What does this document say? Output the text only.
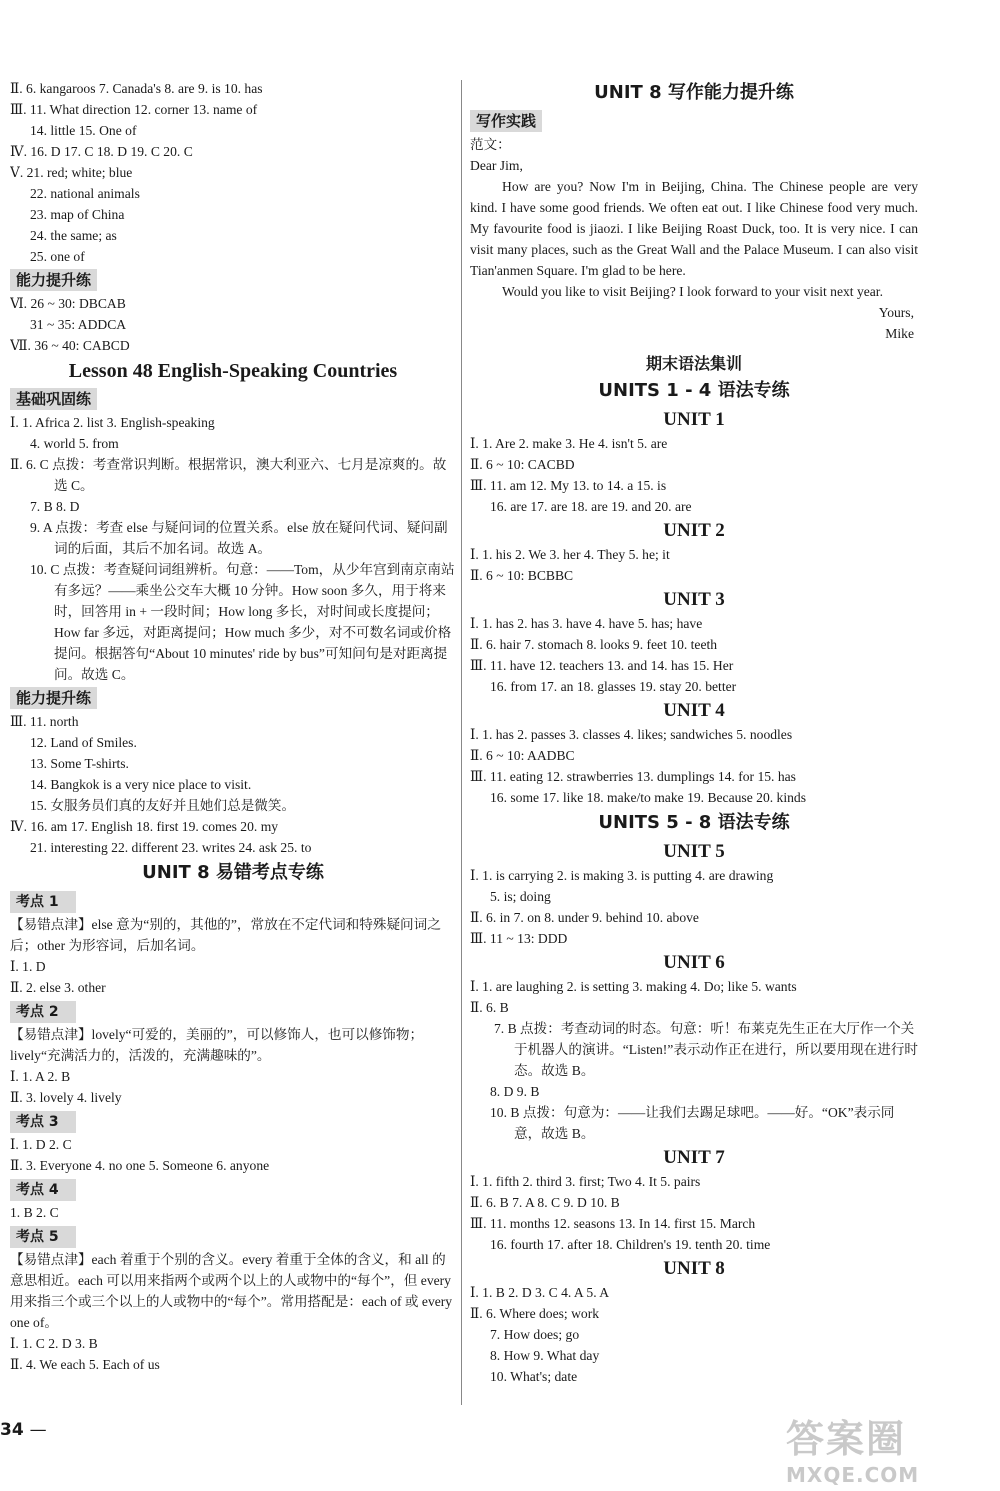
Ⅱ. 6. kangaroos 7. Canada's 8. are 9. is 10. has
Ⅲ. 11. What direction 12. corner 13. name of
14. little 15. One of
Ⅳ. 16. D 17. C 18. D 19. C 20. C
Ⅴ. 21. red; white; blue
22. national animals
23. map of China
24. the same; as
25. one of
能力提升练
Ⅵ. 26 ~ 30: DBCAB
31 ~ 35: ADDCA
Ⅶ. 36 ~ 40: CABCD
Lesson 48 English-Speaking Countries
基础巩固练
Ⅰ. 1. Africa 2. list 3. English-speaking
4. world 5. from
Ⅱ. 6. C 点拨：考查常识判断。根据常识，澳大利亚六、七月是凉爽的。故选 C。
7. B 8. D
9. A 点拨：考查 else 与疑问词的位置关系。else 放在疑问代词、疑问副词的后面，其后不加名词。故选 A。
10. C 点拨：考查疑问词组辨析。句意：——Tom，从少年宫到南京南站有多远？——乘坐公交车大概 10 分钟。How soon 多久，用于将来时，回答用 in + 一段时间；How long 多长，对时间或长度提问；How far 多远，对距离提问；How much 多少，对不可数名词或价格提问。根据答句“About 10 minutes' ride by bus”可知问句是对距离提问。故选 C。
能力提升练
Ⅲ. 11. north
12. Land of Smiles.
13. Some T-shirts.
14. Bangkok is a very nice place to visit.
15. 女服务员们真的友好并且她们总是微笑。
Ⅳ. 16. am 17. English 18. first 19. comes 20. my
21. interesting 22. different 23. writes 24. ask 25. to
UNIT 8 易错考点专练
考点 1
【易错点津】else 意为“别的，其他的”，常放在不定代词和特殊疑问词之后；other 为形容词，后加名词。
Ⅰ. 1. D
Ⅱ. 2. else 3. other
考点 2
【易错点津】lovely“可爱的，美丽的”，可以修饰人，也可以修饰物；lively“充满活力的，活泼的，充满趣味的”。
Ⅰ. 1. A 2. B
Ⅱ. 3. lovely 4. lively
考点 3
Ⅰ. 1. D 2. C
Ⅱ. 3. Everyone 4. no one 5. Someone 6. anyone
考点 4
1. B 2. C
考点 5
【易错点津】each 着重于个别的含义。every 着重于全体的含义，和 all 的意思相近。each 可以用来指两个或两个以上的人或物中的“每个”，但 every 用来指三个或三个以上的人或物中的“每个”。常用搭配是：each of 或 every one of。
Ⅰ. 1. C 2. D 3. B
Ⅱ. 4. We each 5. Each of us
UNIT 8 写作能力提升练
写作实践
范文：
Dear Jim,
How are you? Now I'm in Beijing, China. The Chinese people are very kind. I have some good friends. We often eat out. I like Chinese food very much. My favourite food is jiaozi. I like Beijing Roast Duck, too. It is very nice. I can visit many places, such as the Great Wall and the Palace Museum. I can also visit Tian'anmen Square. I'm glad to be here.
Would you like to visit Beijing? I look forward to your visit next year.
Yours,
Mike
期末语法集训
UNITS 1 - 4 语法专练
UNIT 1
Ⅰ. 1. Are 2. make 3. He 4. isn't 5. are
Ⅱ. 6 ~ 10: CACBD
Ⅲ. 11. am 12. My 13. to 14. a 15. is
16. are 17. are 18. are 19. and 20. are
UNIT 2
Ⅰ. 1. his 2. We 3. her 4. They 5. he; it
Ⅱ. 6 ~ 10: BCBBC
UNIT 3
Ⅰ. 1. has 2. has 3. have 4. have 5. has; have
Ⅱ. 6. hair 7. stomach 8. looks 9. feet 10. teeth
Ⅲ. 11. have 12. teachers 13. and 14. has 15. Her
16. from 17. an 18. glasses 19. stay 20. better
UNIT 4
Ⅰ. 1. has 2. passes 3. classes 4. likes; sandwiches 5. noodles
Ⅱ. 6 ~ 10: AADBC
Ⅲ. 11. eating 12. strawberries 13. dumplings 14. for 15. has
16. some 17. like 18. make/to make 19. Because 20. kinds
UNITS 5 - 8 语法专练
UNIT 5
Ⅰ. 1. is carrying 2. is making 3. is putting 4. are drawing
5. is; doing
Ⅱ. 6. in 7. on 8. under 9. behind 10. above
Ⅲ. 11 ~ 13: DDD
UNIT 6
Ⅰ. 1. are laughing 2. is setting 3. making 4. Do; like 5. wants
Ⅱ. 6. B
7. B 点拨：考查动词的时态。句意：听！布莱克先生正在大厅作一个关于机器人的演讲。“Listen!”表示动作正在进行，所以要用现在进行时态。故选 B。
8. D 9. B
10. B 点拨：句意为：——让我们去踢足球吧。——好。“OK”表示同意，故选 B。
UNIT 7
Ⅰ. 1. fifth 2. third 3. first; Two 4. It 5. pairs
Ⅱ. 6. B 7. A 8. C 9. D 10. B
Ⅲ. 11. months 12. seasons 13. In 14. first 15. March
16. fourth 17. after 18. Children's 19. tenth 20. time
UNIT 8
Ⅰ. 1. B 2. D 3. C 4. A 5. A
Ⅱ. 6. Where does; work
7. How does; go
8. How 9. What day
10. What's; date
34 —	答案圈
MXQE.COM
